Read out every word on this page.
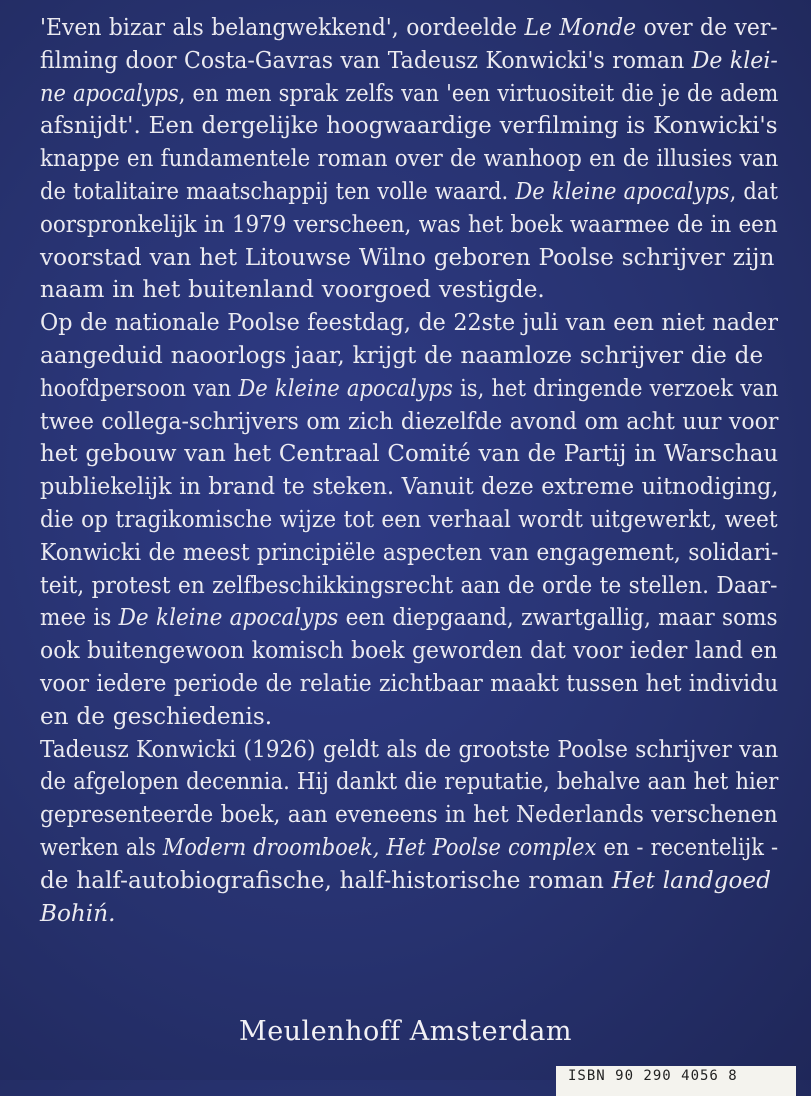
'Even bizar als belangwekkend', oordeelde Le Monde over de ver-
filming door Costa-Gavras van Tadeusz Konwicki's roman De klei-
ne apocalyps, en men sprak zelfs van 'een virtuositeit die je de adem
afsnijdt'. Een dergelijke hoogwaardige verfilming is Konwicki's
knappe en fundamentele roman over de wanhoop en de illusies van
de totalitaire maatschappij ten volle waard. De kleine apocalyps, dat
oorspronkelijk in 1979 verscheen, was het boek waarmee de in een
voorstad van het Litouwse Wilno geboren Poolse schrijver zijn
naam in het buitenland voorgoed vestigde.
Op de nationale Poolse feestdag, de 22ste juli van een niet nader
aangeduid naoorlogs jaar, krijgt de naamloze schrijver die de
hoofdpersoon van De kleine apocalyps is, het dringende verzoek van
twee collega-schrijvers om zich diezelfde avond om acht uur voor
het gebouw van het Centraal Comité van de Partij in Warschau
publiekelijk in brand te steken. Vanuit deze extreme uitnodiging,
die op tragikomische wijze tot een verhaal wordt uitgewerkt, weet
Konwicki de meest principiële aspecten van engagement, solidari-
teit, protest en zelfbeschikkingsrecht aan de orde te stellen. Daar-
mee is De kleine apocalyps een diepgaand, zwartgallig, maar soms
ook buitengewoon komisch boek geworden dat voor ieder land en
voor iedere periode de relatie zichtbaar maakt tussen het individu
en de geschiedenis.
Tadeusz Konwicki (1926) geldt als de grootste Poolse schrijver van
de afgelopen decennia. Hij dankt die reputatie, behalve aan het hier
gepresenteerde boek, aan eveneens in het Nederlands verschenen
werken als Modern droomboek, Het Poolse complex en - recentelijk -
de half-autobiografische, half-historische roman Het landgoed
Bohiń.
Meulenhoff Amsterdam
ISBN 90 290 4056 8
